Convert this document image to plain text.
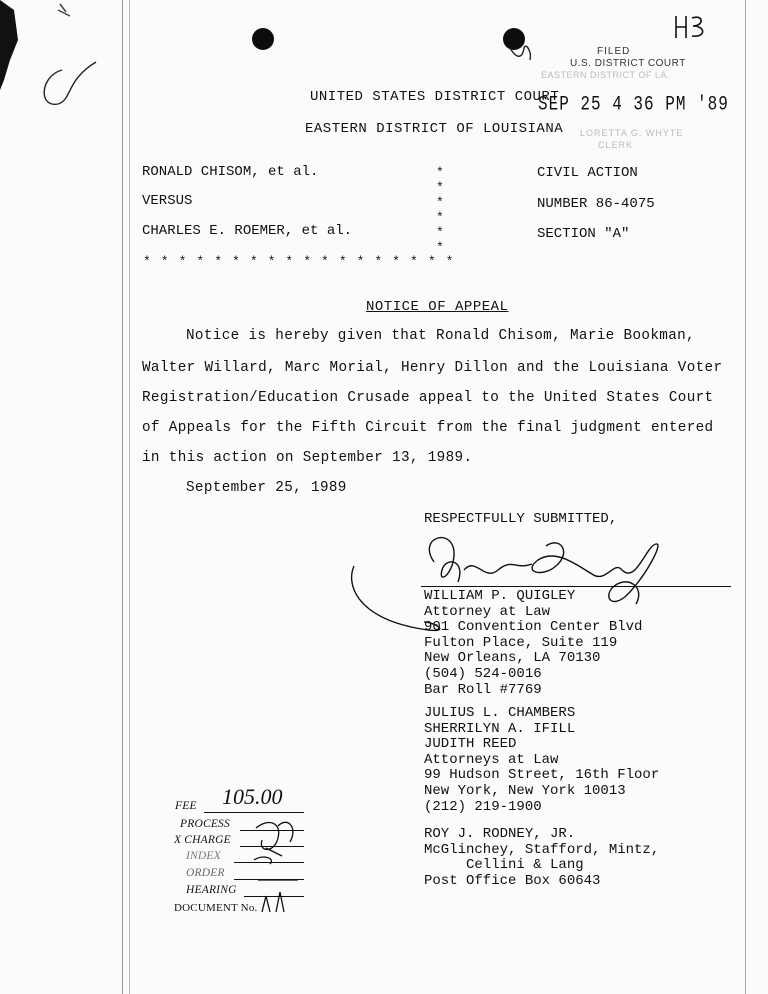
FILED
U.S. DISTRICT COURT
EASTERN DISTRICT OF LA.
SEP 25 4 36 PM '89
LORETTA G. WHYTE
CLERK
UNITED STATES DISTRICT COURT
EASTERN DISTRICT OF LOUISIANA
RONALD CHISOM, et al.
VERSUS
CHARLES E. ROEMER, et al.
*
*
*
*
*
*
* * * * * * * * * * * * * * * * * *
CIVIL ACTION
NUMBER 86-4075
SECTION "A"
NOTICE OF APPEAL
Notice is hereby given that Ronald Chisom, Marie Bookman,
Walter Willard, Marc Morial, Henry Dillon and the Louisiana Voter
Registration/Education Crusade appeal to the United States Court
of Appeals for the Fifth Circuit from the final judgment entered
in this action on September 13, 1989.
September 25, 1989
RESPECTFULLY SUBMITTED,
WILLIAM P. QUIGLEY
Attorney at Law
901 Convention Center Blvd
Fulton Place, Suite 119
New Orleans, LA 70130
(504) 524-0016
Bar Roll #7769
JULIUS L. CHAMBERS
SHERRILYN A. IFILL
JUDITH REED
Attorneys at Law
99 Hudson Street, 16th Floor
New York, New York 10013
(212) 219-1900
ROY J. RODNEY, JR.
McGlinchey, Stafford, Mintz,
Cellini & Lang
Post Office Box 60643
FEE 105.00
PROCESS
X CHARGE
INDEX
ORDER
HEARING
DOCUMENT No.
